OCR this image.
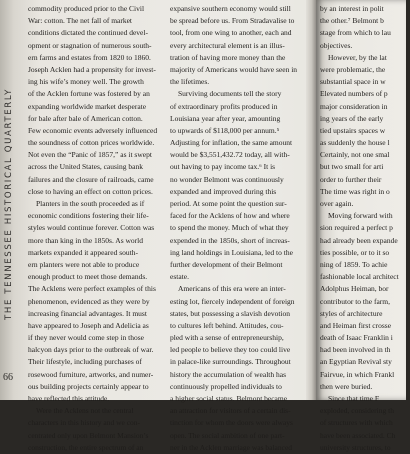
THE TENNESSEE HISTORICAL QUARTERLY
66
commodity produced prior to the Civil
War: cotton. The net fall of market
conditions dictated the continued devel-
opment or stagnation of numerous south-
ern farms and estates from 1820 to 1860.
Joseph Acklen had a propensity for invest-
ing his wife’s money well. The growth
of the Acklen fortune was fostered by an
expanding worldwide market desperate
for bale after bale of American cotton.
Few economic events adversely influenced
the soundness of cotton prices worldwide.
Not even the “Panic of 1857,” as it swept
across the United States, causing bank
failures and the closure of railroads, came
close to having an effect on cotton prices.
Planters in the south proceeded as if
economic conditions fostering their life-
styles would continue forever. Cotton was
more than king in the 1850s. As world
markets expanded it appeared south-
ern planters were not able to produce
enough product to meet those demands.
The Acklens were perfect examples of this
phenomenon, evidenced as they were by
increasing financial advantages. It must
have appeared to Joseph and Adelicia as
if they never would come step in those
halcyon days prior to the outbreak of war.
Their lifestyle, including purchases of
rosewood furniture, artworks, and numer-
ous building projects certainly appear to
have reflected this attitude.
Were the Acklens not the central
characters in this history and we con-
centrated only upon Belmont Mansion’s
construction, the entire spectrum of an
expansive southern economy would still
be spread before us. From Stradavalise to
tool, from one wing to another, each and
every architectural element is an illus-
tration of having more money than the
majority of Americans would have seen in
the lifetimes.
Surviving documents tell the story
of extraordinary profits produced in
Louisiana year after year, amounting
to upwards of $118,000 per annum.⁵
Adjusting for inflation, the same amount
would be $3,551,432.72 today, all with-
out having to pay income tax.⁶ It is
no wonder Belmont was continuously
expanded and improved during this
period. At some point the question sur-
faced for the Acklens of how and where
to spend the money. Much of what they
expended in the 1850s, short of increas-
ing land holdings in Louisiana, led to the
further development of their Belmont
estate.
Americans of this era were an inter-
esting lot, fiercely independent of foreign
states, but possessing a slavish devotion
to cultures left behind. Attitudes, cou-
pled with a sense of entrepreneurship,
led people to believe they too could live
in palace-like surroundings. Throughout
history the accumulation of wealth has
continuously propelled individuals to
a higher social status. Belmont became
an attraction for visitors of a certain dis-
tinction for whom the doors were always
open. The social ambition of one part-
ner in the Acklen marriage was balanced
by an interest in polit
the other.⁷ Belmont b
stage from which to lau
objectives.
However, by the lat
were problematic, the
substantial space in w
Elevated numbers of p
major consideration in
ing years of the early
tied upstairs spaces w
as suddenly the house l
Certainly, not one smal
but two small for arti
order to further their
The time was right in o
over again.
Moving forward with
sion required a perfect p
had already been expande
ties possible, or to it so
ning of 1859. To achie
fashionable local architect
Adolphus Heiman, bor
contributor to the farm,
styles of architecture
and Heiman first crosse
death of Isaac Franklin i
had been involved in th
an Egyptian Revival sty
Fairvue, in which Frankl
then were buried.
Since that time F
exploded, considering th
of structures with which
have been associated. Ch
university structures, to
